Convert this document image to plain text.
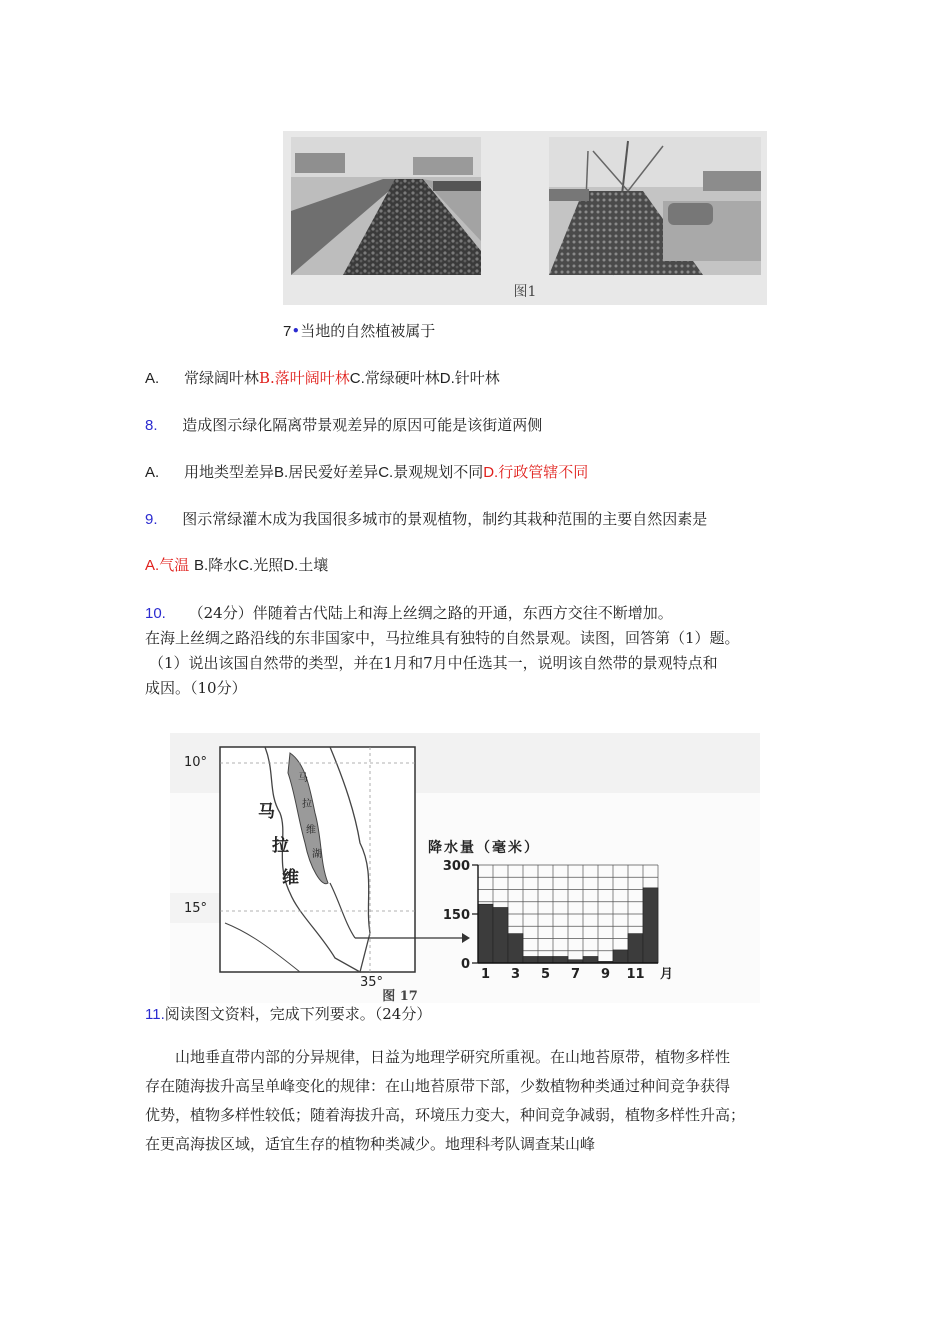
图1
7•当地的自然植被属于
A. 常绿阔叶林B.落叶阔叶林C.常绿硬叶林D.针叶林
8. 造成图示绿化隔离带景观差异的原因可能是该街道两侧
A. 用地类型差异B.居民爱好差异C.景观规划不同D.行政管辖不同
9. 图示常绿灌木成为我国很多城市的景观植物，制约其栽种范围的主要自然因素是
A.气温 B.降水C.光照D.土壤
10. （24分）伴随着古代陆上和海上丝绸之路的开通，东西方交往不断增加。
在海上丝绸之路沿线的东非国家中，马拉维具有独特的自然景观。读图，回答第（1）题。
（1）说出该国自然带的类型，并在1月和7月中任选其一，说明该自然带的景观特点和
成因。（10分）
10°
15°
35°
马
拉
维
马
拉
维
湖	降水量（毫米）
0
150
300
1 3 5 7 9 11 月
图 17
11.阅读图文资料，完成下列要求。（24分）
山地垂直带内部的分异规律，日益为地理学研究所重视。在山地苔原带，植物多样性
存在随海拔升高呈单峰变化的规律：在山地苔原带下部，少数植物种类通过种间竞争获得
优势，植物多样性较低；随着海拔升高，环境压力变大，种间竞争减弱，植物多样性升高；
在更高海拔区域，适宜生存的植物种类减少。地理科考队调查某山峰
